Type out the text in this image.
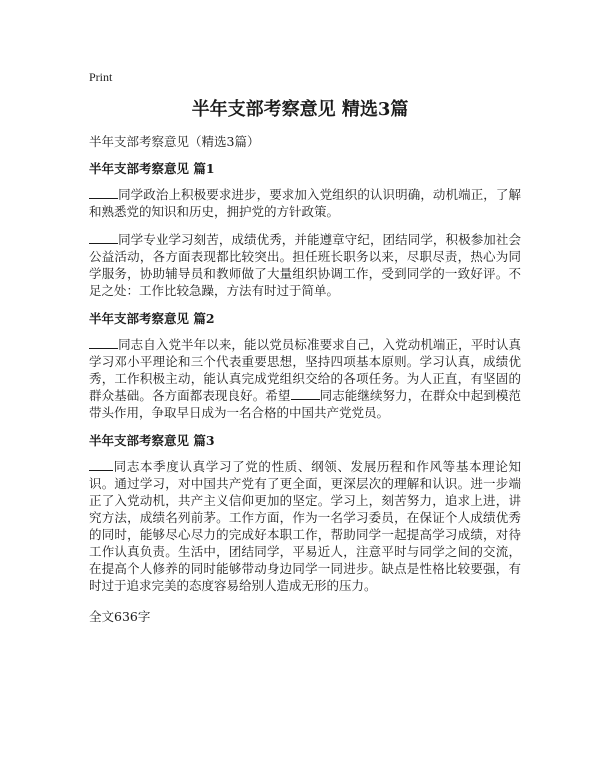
Print
半年支部考察意见 精选3篇

半年支部考察意见（精选3篇）

半年支部考察意见 篇1

同学政治上积极要求进步，要求加入党组织的认识明确，动机端正，了解和熟悉党的知识和历史，拥护党的方针政策。

同学专业学习刻苦，成绩优秀，并能遵章守纪，团结同学，积极参加社会公益活动，各方面表现都比较突出。担任班长职务以来，尽职尽责，热心为同学服务，协助辅导员和教师做了大量组织协调工作，受到同学的一致好评。不足之处：工作比较急躁，方法有时过于简单。

半年支部考察意见 篇2

同志自入党半年以来，能以党员标准要求自己，入党动机端正，平时认真学习邓小平理论和三个代表重要思想，坚持四项基本原则。学习认真，成绩优秀，工作积极主动，能认真完成党组织交给的各项任务。为人正直，有坚固的群众基础。各方面都表现良好。希望 同志能继续努力，在群众中起到模范带头作用，争取早日成为一名合格的中国共产党党员。

半年支部考察意见 篇3

同志本季度认真学习了党的性质、纲领、发展历程和作风等基本理论知识。通过学习，对中国共产党有了更全面，更深层次的理解和认识。进一步端正了入党动机，共产主义信仰更加的坚定。学习上，刻苦努力，追求上进，讲究方法，成绩名列前茅。工作方面，作为一名学习委员，在保证个人成绩优秀的同时，能够尽心尽力的完成好本职工作，帮助同学一起提高学习成绩，对待工作认真负责。生活中，团结同学，平易近人，注意平时与同学之间的交流，在提高个人修养的同时能够带动身边同学一同进步。缺点是性格比较要强，有时过于追求完美的态度容易给别人造成无形的压力。

全文636字
